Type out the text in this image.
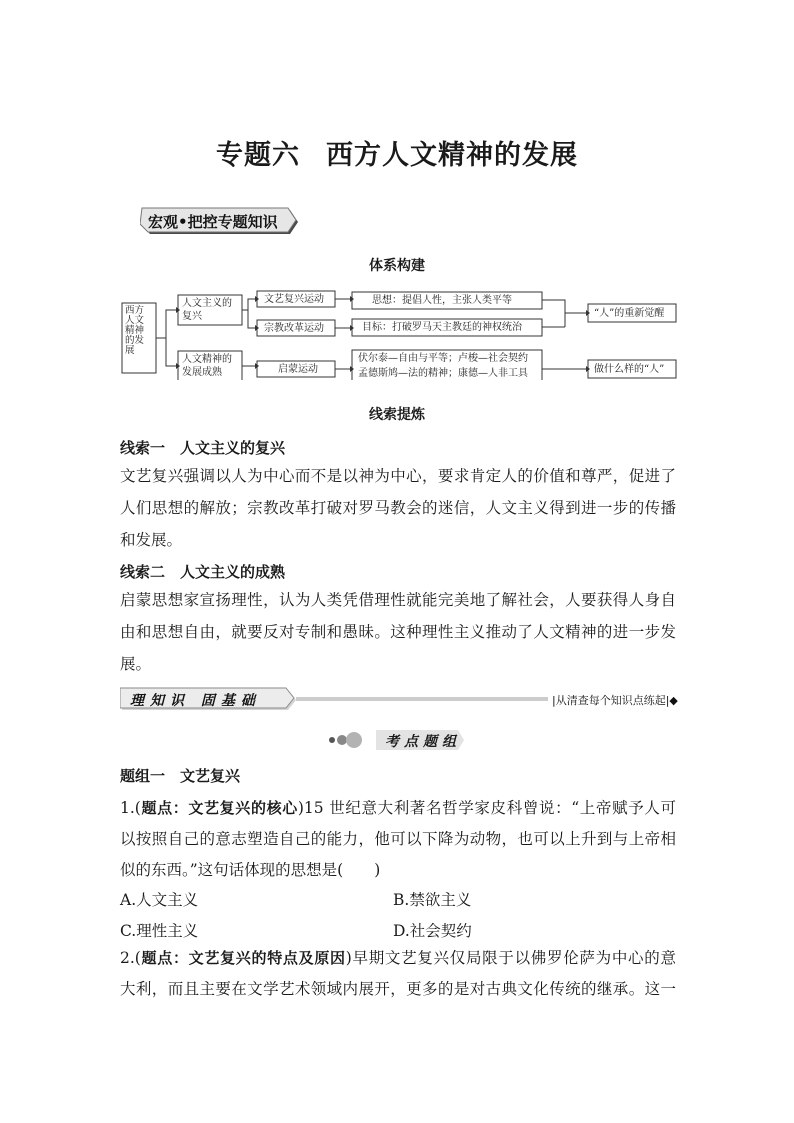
专题六 西方人文精神的发展
宏观•把控专题知识
体系构建
西方
人文
精神
的发
展
人文主义的
复兴
人文精神的
发展成熟
文艺复兴运动
宗教改革运动
启蒙运动
思想：提倡人性，主张人类平等
目标：打破罗马天主教廷的神权统治
伏尔泰—自由与平等；卢梭—社会契约
孟德斯鸠—法的精神；康德—人非工具
“人”的重新觉醒
做什么样的“人”
线索提炼
线索一　 人文主义的复兴
文艺复兴强调以人为中心而不是以神为中心，要求肯定人的价值和尊严，促进了
人们思想的解放；宗教改革打破对罗马教会的迷信，人文主义得到进一步的传播
和发展。
线索二　 人文主义的成熟
启蒙思想家宣扬理性，认为人类凭借理性就能完美地了解社会，人要获得人身自
由和思想自由，就要反对专制和愚昧。这种理性主义推动了人文精神的进一步发
展。
理知识 固基础	|从清查每个知识点练起|◆
考点题组
题组一　 文艺复兴
1.(题点：文艺复兴的核心)15 世纪意大利著名哲学家皮科曾说：“上帝赋予人可
以按照自己的意志塑造自己的能力，他可以下降为动物，也可以上升到与上帝相
似的东西。”这句话体现的思想是(　　)
A.人文主义	B.禁欲主义
C.理性主义	D.社会契约
2.(题点：文艺复兴的特点及原因)早期文艺复兴仅局限于以佛罗伦萨为中心的意
大利，而且主要在文学艺术领域内展开，更多的是对古典文化传统的继承。这一
